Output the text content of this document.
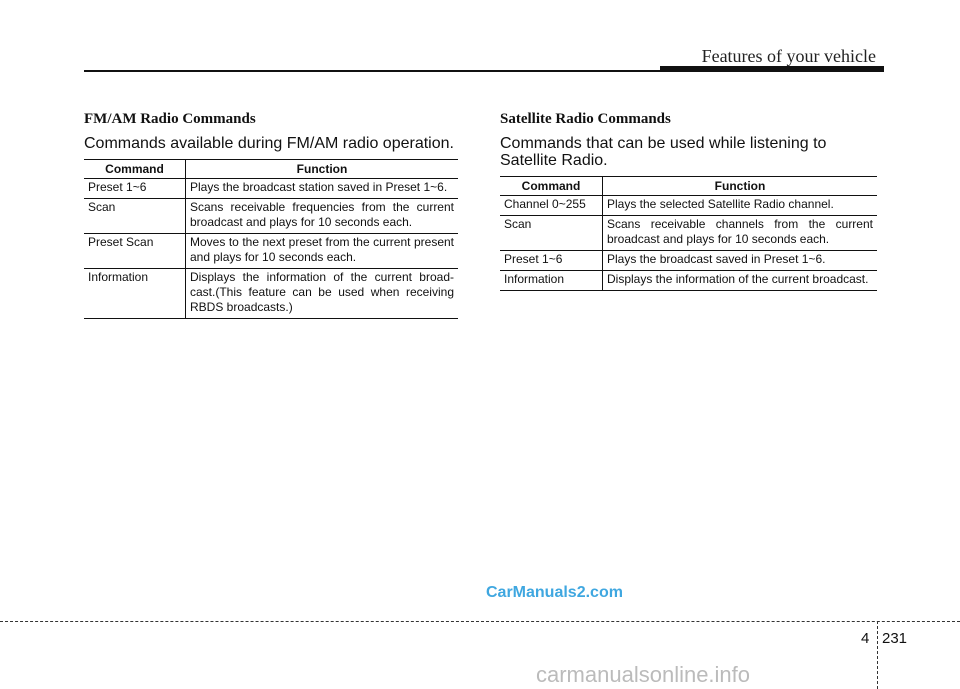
Features of your vehicle
FM/AM Radio Commands
Commands available during FM/AM radio operation.
Command	Function
Preset 1~6	Plays the broadcast station saved in Preset 1~6.
Scan	Scans receivable frequencies from the current broadcast and plays for 10 seconds each.
Preset Scan	Moves to the next preset from the current present and plays for 10 seconds each.
Information	Displays the information of the current broad-cast.(This feature can be used when receiving RBDS broadcasts.)
Satellite Radio Commands
Commands that can be used while listening to Satellite Radio.
Command	Function
Channel 0~255	Plays the selected Satellite Radio channel.
Scan	Scans receivable channels from the current broadcast and plays for 10 seconds each.
Preset 1~6	Plays the broadcast saved in Preset 1~6.
Information	Displays the information of the current broadcast.
CarManuals2.com
4 231
carmanualsonline.info
